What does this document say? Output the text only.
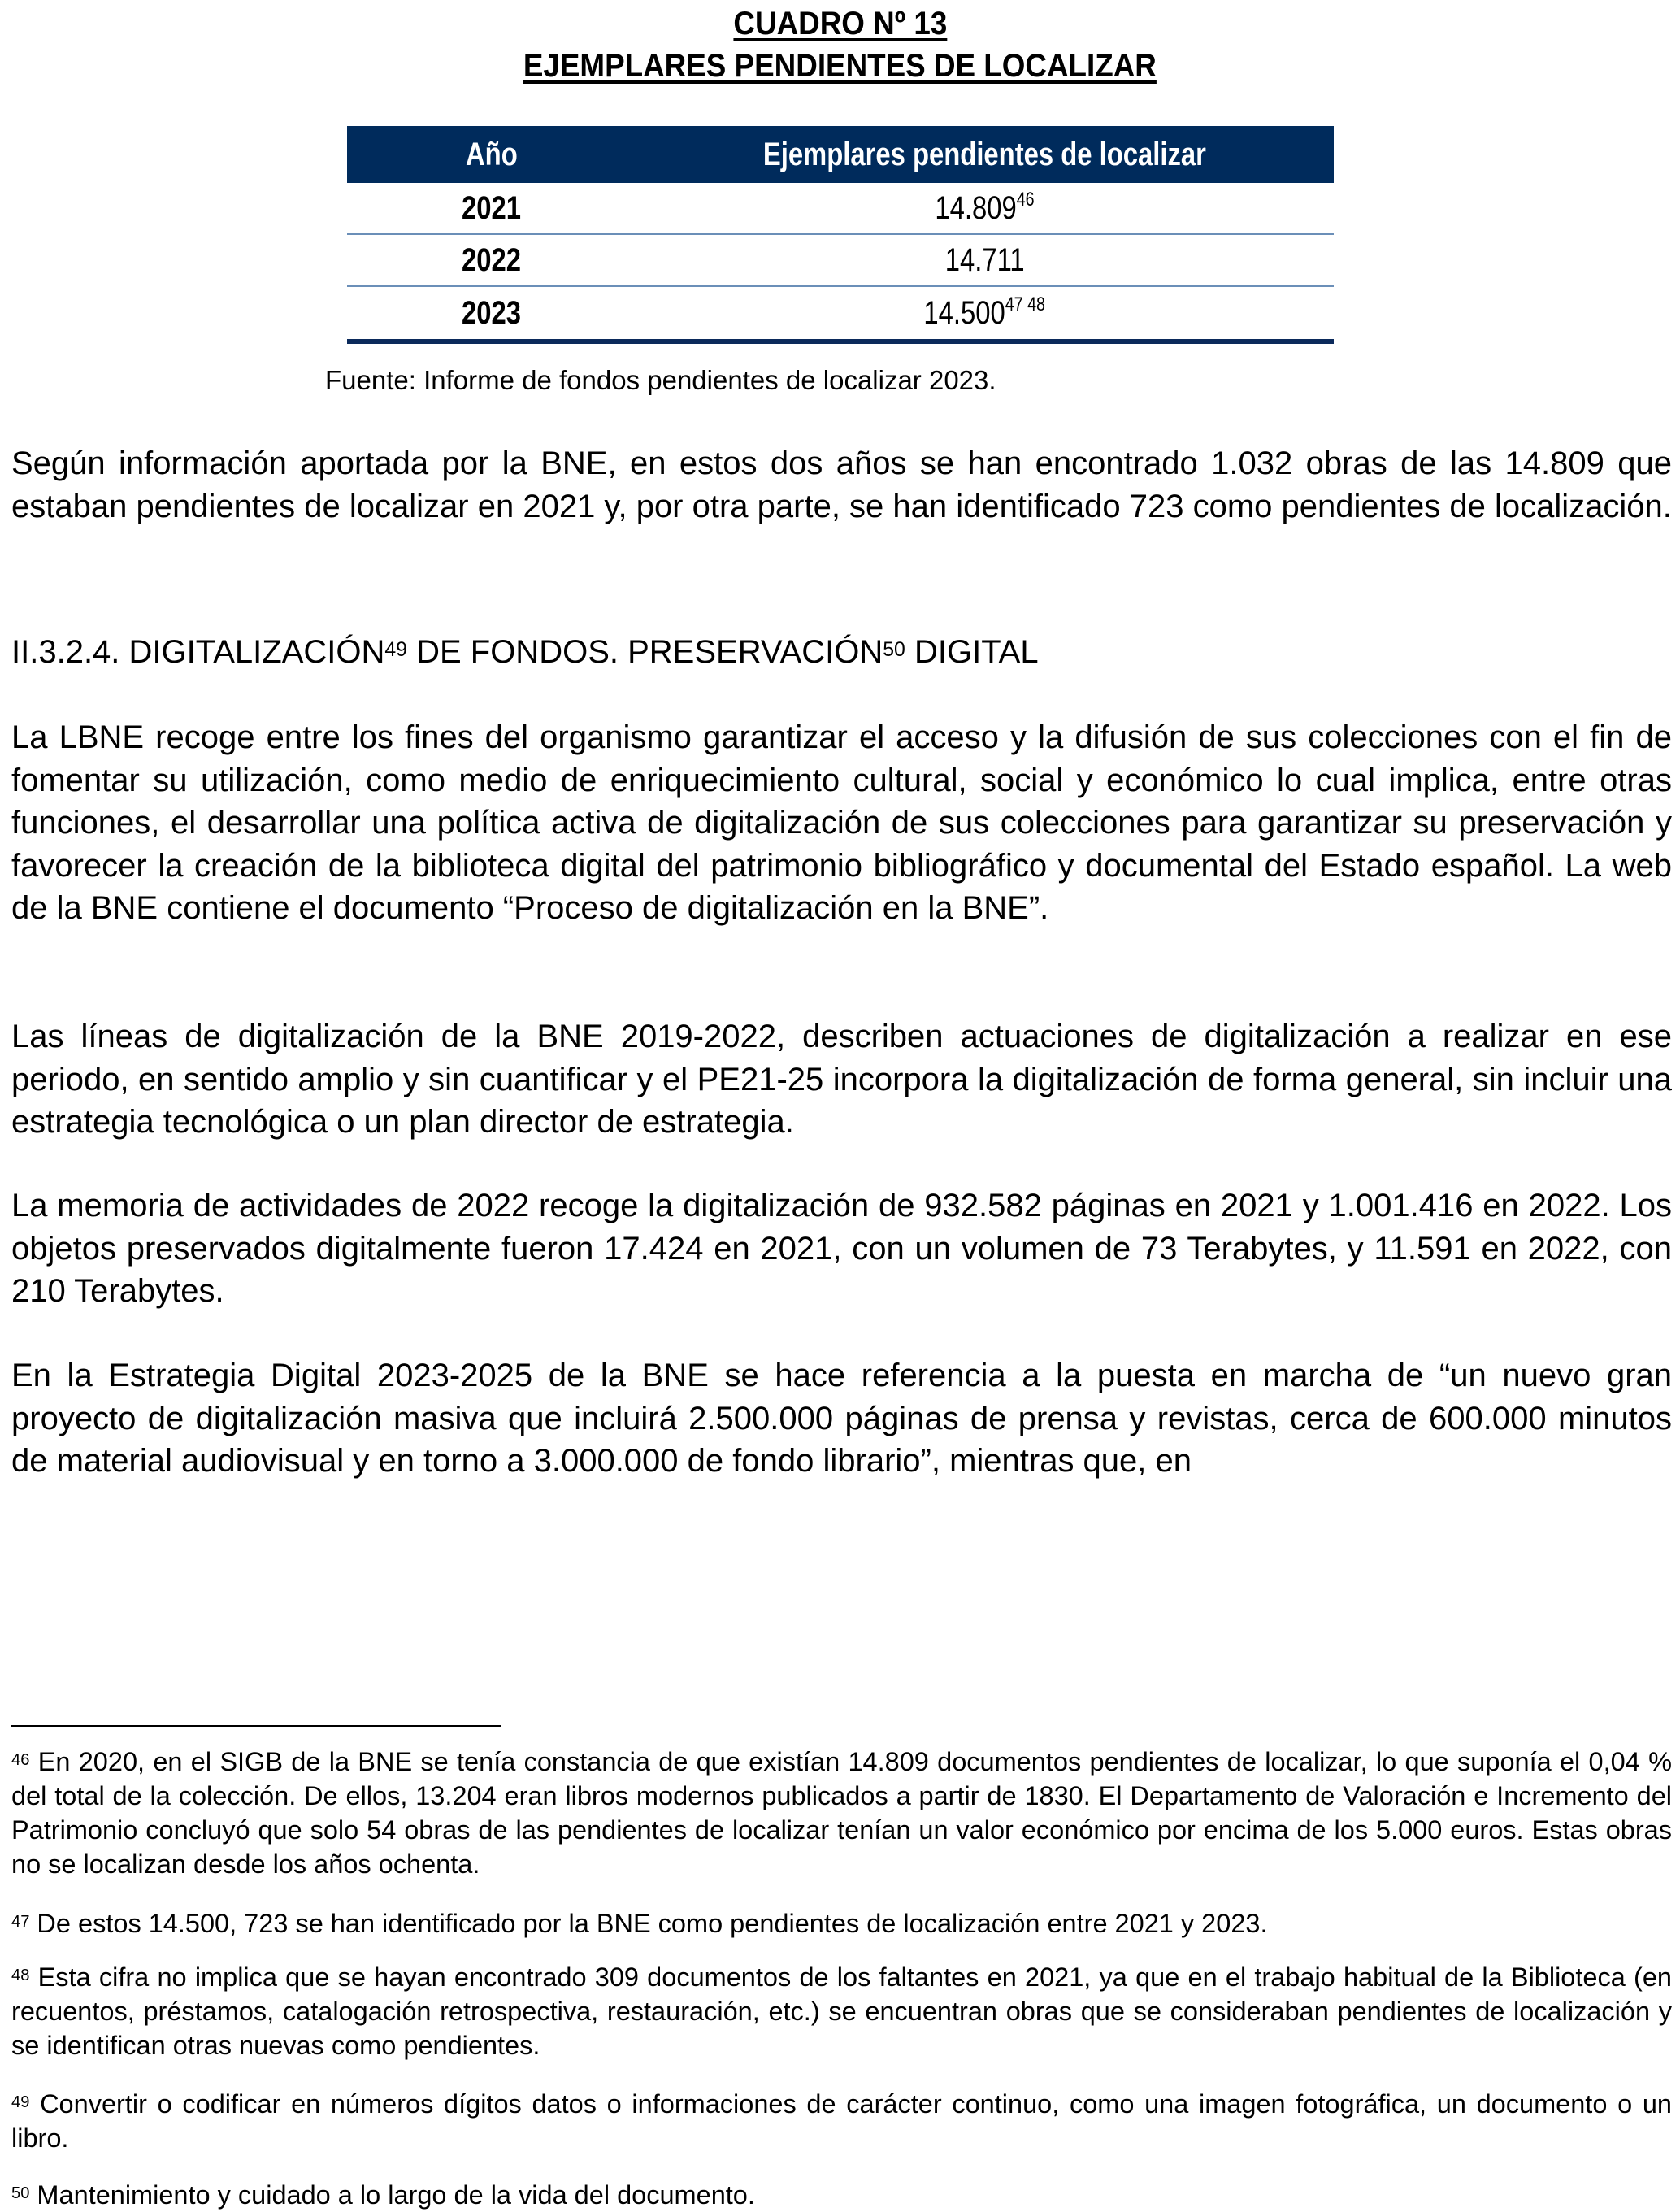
CUADRO Nº 13
EJEMPLARES PENDIENTES DE LOCALIZAR
Año	Ejemplares pendientes de localizar
2021	14.809$^{46}$
2022	14.711
2023	$14.500^{47 48}$
Fuente: Informe de fondos pendientes de localizar 2023.
Según información aportada por la BNE, en estos dos años se han encontrado 1.032 obras de las 14.809 que estaban pendientes de localizar en 2021 y, por otra parte, se han identificado 723 como pendientes de localización.
II.3.2.4. DIGITALIZACIÓN$^{49}$ DE FONDOS. PRESERVACIÓN$^{50}$ DIGITAL
La LBNE recoge entre los fines del organismo garantizar el acceso y la difusión de sus colecciones con el fin de fomentar su utilización, como medio de enriquecimiento cultural, social y económico lo cual implica, entre otras funciones, el desarrollar una política activa de digitalización de sus colecciones para garantizar su preservación y favorecer la creación de la biblioteca digital del patrimonio bibliográfico y documental del Estado español. La web de la BNE contiene el documento “Proceso de digitalización en la BNE”.
Las líneas de digitalización de la BNE 2019-2022, describen actuaciones de digitalización a realizar en ese periodo, en sentido amplio y sin cuantificar y el PE21-25 incorpora la digitalización de forma general, sin incluir una estrategia tecnológica o un plan director de estrategia.
La memoria de actividades de 2022 recoge la digitalización de 932.582 páginas en 2021 y 1.001.416 en 2022. Los objetos preservados digitalmente fueron 17.424 en 2021, con un volumen de 73 Terabytes, y 11.591 en 2022, con 210 Terabytes.
En la Estrategia Digital 2023-2025 de la BNE se hace referencia a la puesta en marcha de “un nuevo gran proyecto de digitalización masiva que incluirá 2.500.000 páginas de prensa y revistas, cerca de 600.000 minutos de material audiovisual y en torno a 3.000.000 de fondo librario”, mientras que, en
$^{46}$ En 2020, en el SIGB de la BNE se tenía constancia de que existían 14.809 documentos pendientes de localizar, lo que suponía el 0,04 % del total de la colección. De ellos, 13.204 eran libros modernos publicados a partir de 1830. El Departamento de Valoración e Incremento del Patrimonio concluyó que solo 54 obras de las pendientes de localizar tenían un valor económico por encima de los 5.000 euros. Estas obras no se localizan desde los años ochenta.
$^{47}$ De estos 14.500, 723 se han identificado por la BNE como pendientes de localización entre 2021 y 2023.
$^{48}$ Esta cifra no implica que se hayan encontrado 309 documentos de los faltantes en 2021, ya que en el trabajo habitual de la Biblioteca (en recuentos, préstamos, catalogación retrospectiva, restauración, etc.) se encuentran obras que se consideraban pendientes de localización y se identifican otras nuevas como pendientes.
$^{49}$ Convertir o codificar en números dígitos datos o informaciones de carácter continuo, como una imagen fotográfica, un documento o un libro.
$^{50}$ Mantenimiento y cuidado a lo largo de la vida del documento.
